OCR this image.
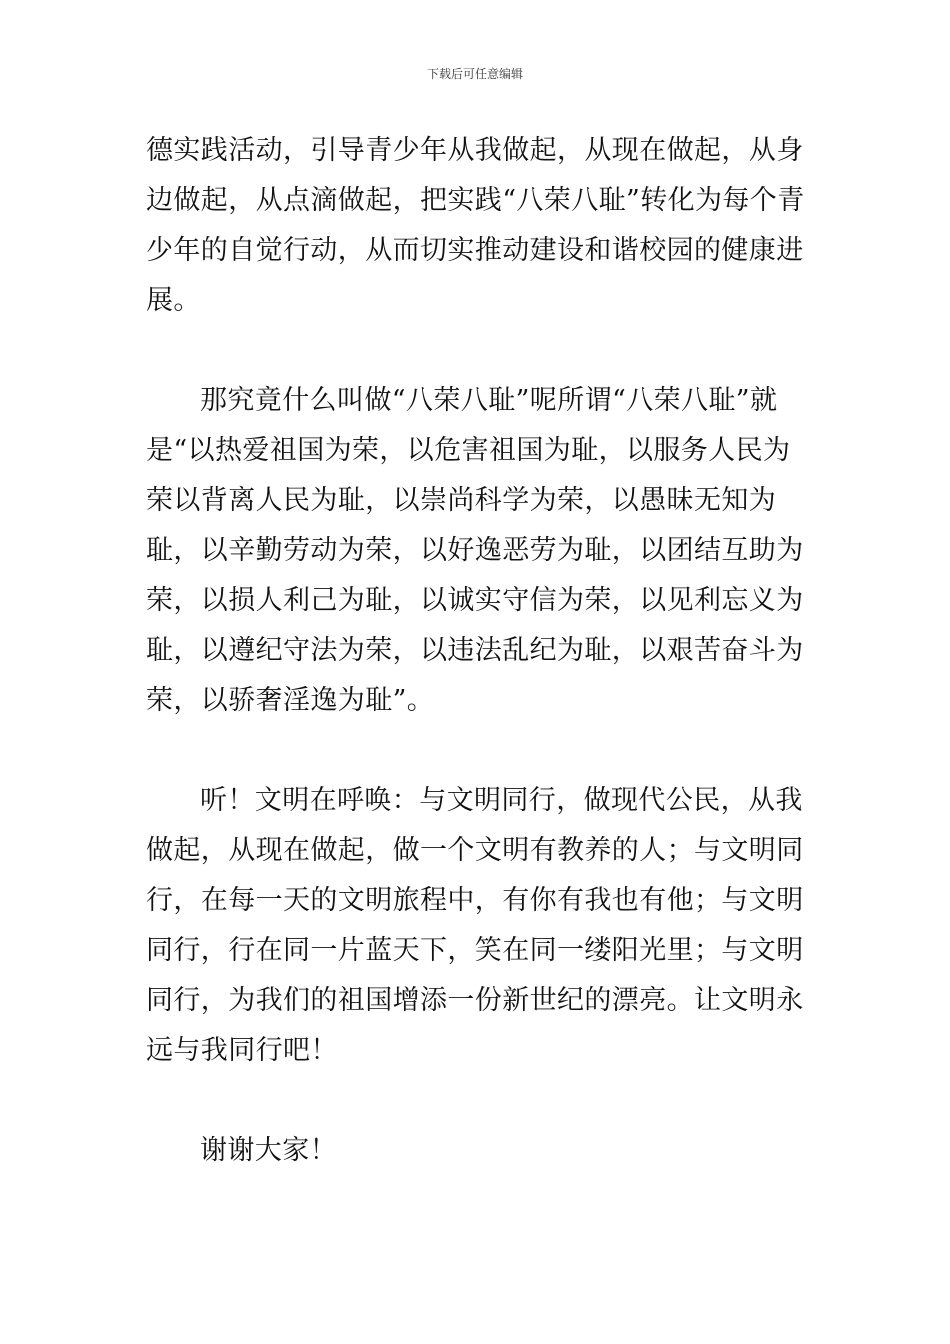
下载后可任意编辑

德实践活动，引导青少年从我做起，从现在做起，从身边做起，从点滴做起，把实践“八荣八耻”转化为每个青少年的自觉行动，从而切实推动建设和谐校园的健康进展。

那究竟什么叫做“八荣八耻”呢所谓“八荣八耻”就是“以热爱祖国为荣，以危害祖国为耻，以服务人民为荣以背离人民为耻，以崇尚科学为荣，以愚昧无知为耻，以辛勤劳动为荣，以好逸恶劳为耻，以团结互助为荣，以损人利己为耻，以诚实守信为荣，以见利忘义为耻，以遵纪守法为荣，以违法乱纪为耻，以艰苦奋斗为荣，以骄奢淫逸为耻”。

听！文明在呼唤：与文明同行，做现代公民，从我做起，从现在做起，做一个文明有教养的人；与文明同行，在每一天的文明旅程中，有你有我也有他；与文明同行，行在同一片蓝天下，笑在同一缕阳光里；与文明同行，为我们的祖国增添一份新世纪的漂亮。让文明永远与我同行吧！

谢谢大家！
